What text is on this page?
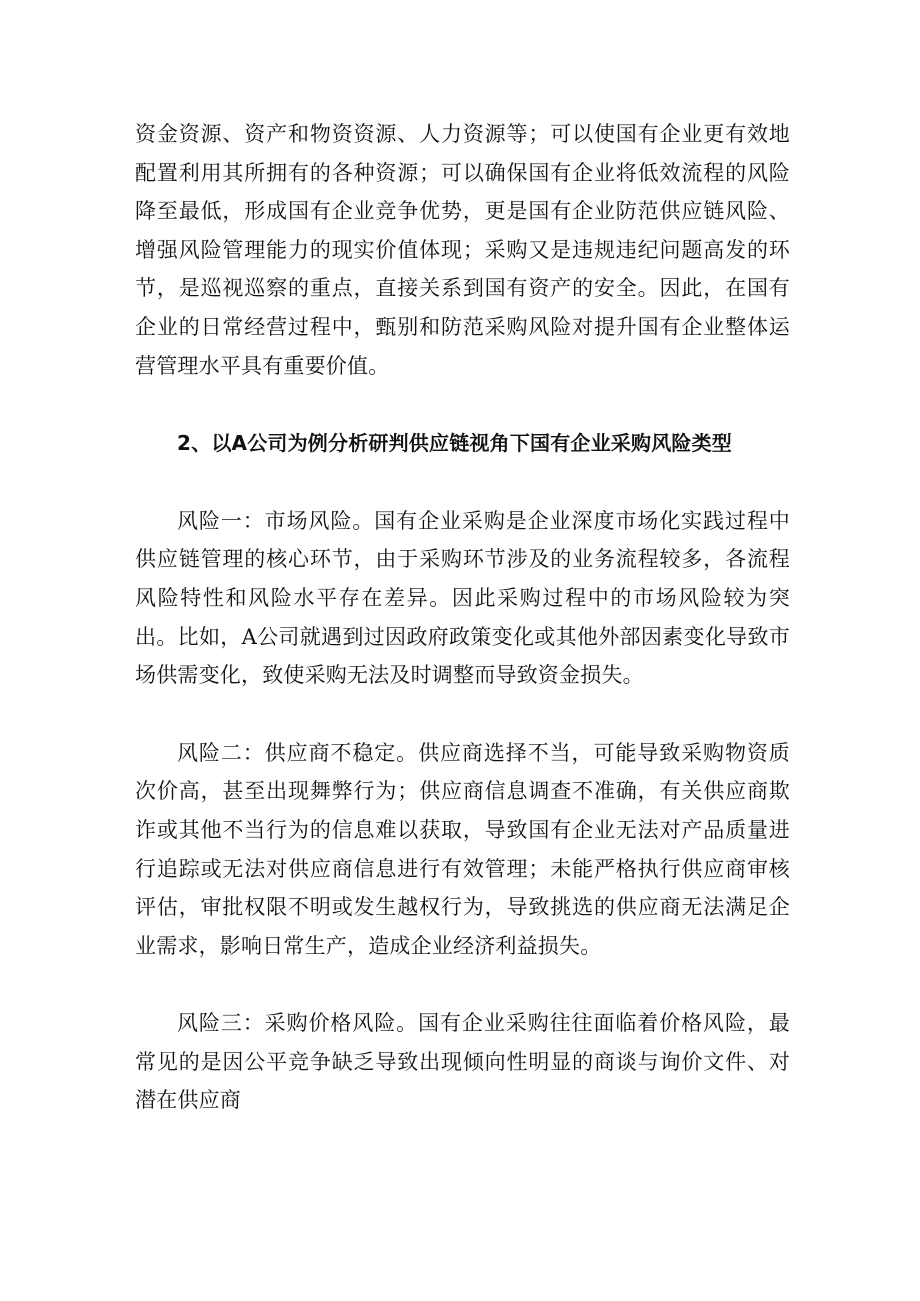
资金资源、资产和物资资源、人力资源等；可以使国有企业更有效地配置利用其所拥有的各种资源；可以确保国有企业将低效流程的风险降至最低，形成国有企业竞争优势，更是国有企业防范供应链风险、增强风险管理能力的现实价值体现；采购又是违规违纪问题高发的环节，是巡视巡察的重点，直接关系到国有资产的安全。因此，在国有企业的日常经营过程中，甄别和防范采购风险对提升国有企业整体运营管理水平具有重要价值。

2、以A公司为例分析研判供应链视角下国有企业采购风险类型

风险一：市场风险。国有企业采购是企业深度市场化实践过程中供应链管理的核心环节，由于采购环节涉及的业务流程较多，各流程风险特性和风险水平存在差异。因此采购过程中的市场风险较为突出。比如，A公司就遇到过因政府政策变化或其他外部因素变化导致市场供需变化，致使采购无法及时调整而导致资金损失。

风险二：供应商不稳定。供应商选择不当，可能导致采购物资质次价高，甚至出现舞弊行为；供应商信息调查不准确，有关供应商欺诈或其他不当行为的信息难以获取，导致国有企业无法对产品质量进行追踪或无法对供应商信息进行有效管理；未能严格执行供应商审核评估，审批权限不明或发生越权行为，导致挑选的供应商无法满足企业需求，影响日常生产，造成企业经济利益损失。

风险三：采购价格风险。国有企业采购往往面临着价格风险，最常见的是因公平竞争缺乏导致出现倾向性明显的商谈与询价文件、对潜在供应商
